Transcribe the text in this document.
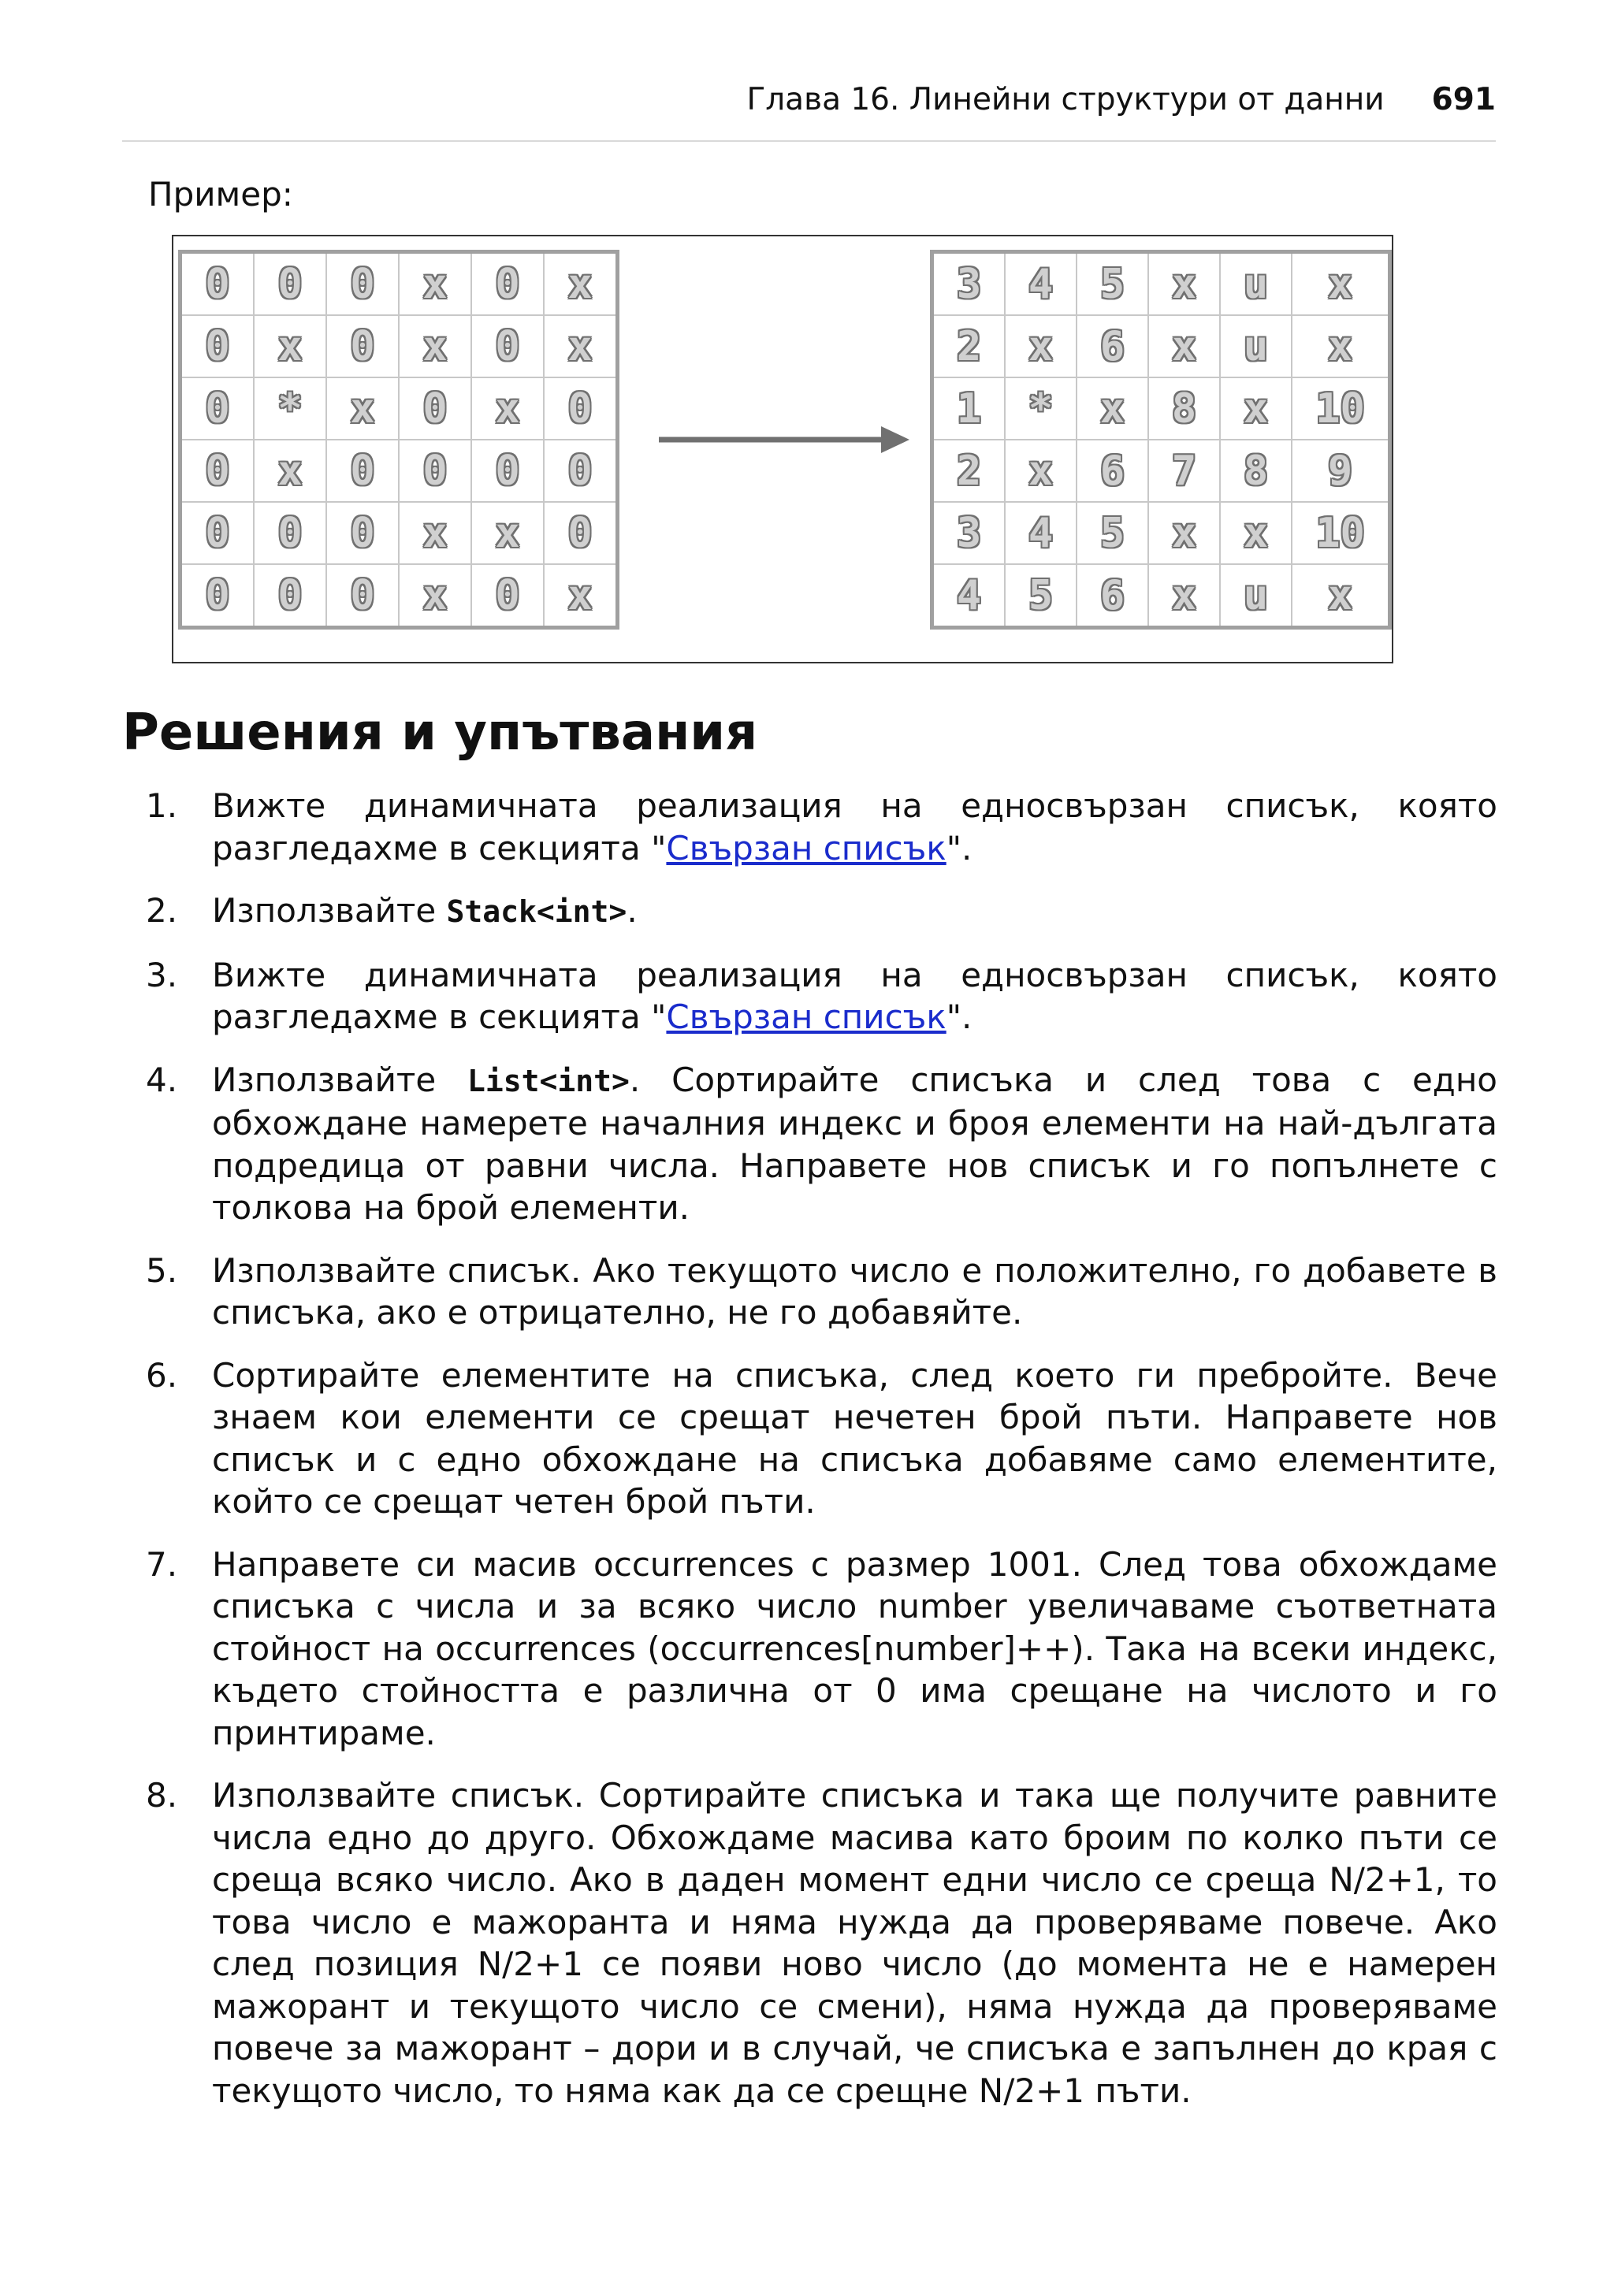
Глава 16. Линейни структури от данни 691
Пример:
0	0	0	x	0	x
0	x	0	x	0	x
0	*	x	0	x	0
0	x	0	0	0	0
0	0	0	x	x	0
0	0	0	x	0	x
3	4	5	x	u	x
2	x	6	x	u	x
1	*	x	8	x	10
2	x	6	7	8	9
3	4	5	x	x	10
4	5	6	x	u	x
Решения и упътвания
1. Вижте динамичната реализация на едносвързан списък, която разгледахме в секцията "Свързан списък".
2. Използвайте Stack<int>.
3. Вижте динамичната реализация на едносвързан списък, която разгледахме в секцията "Свързан списък".
4. Използвайте List<int>. Сортирайте списъка и след това с едно обхождане намерете началния индекс и броя елементи на най-дългата подредица от равни числа. Направете нов списък и го попълнете с толкова на брой елементи.
5. Използвайте списък. Ако текущото число е положително, го добавете в списъка, ако е отрицателно, не го добавяйте.
6. Сортирайте елементите на списъка, след което ги пребройте. Вече знаем кои елементи се срещат нечетен брой пъти. Направете нов списък и с едно обхождане на списъка добавяме само елементите, който се срещат четен брой пъти.
7. Направете си масив occurrences с размер 1001. След това обхождаме списъка с числа и за всяко число number увеличаваме съответната стойност на occurrences (occurrences[number]++). Така на всеки индекс, където стойността е различна от 0 има срещане на числото и го принтираме.
8. Използвайте списък. Сортирайте списъка и така ще получите равните числа едно до друго. Обхождаме масива като броим по колко пъти се среща всяко число. Ако в даден момент едни число се среща N/2+1, то това число е мажоранта и няма нужда да проверяваме повече. Ако след позиция N/2+1 се появи ново число (до момента не е намерен мажорант и текущото число се смени), няма нужда да проверяваме повече за мажорант – дори и в случай, че списъка е запълнен до края с текущото число, то няма как да се срещне N/2+1 пъти.
